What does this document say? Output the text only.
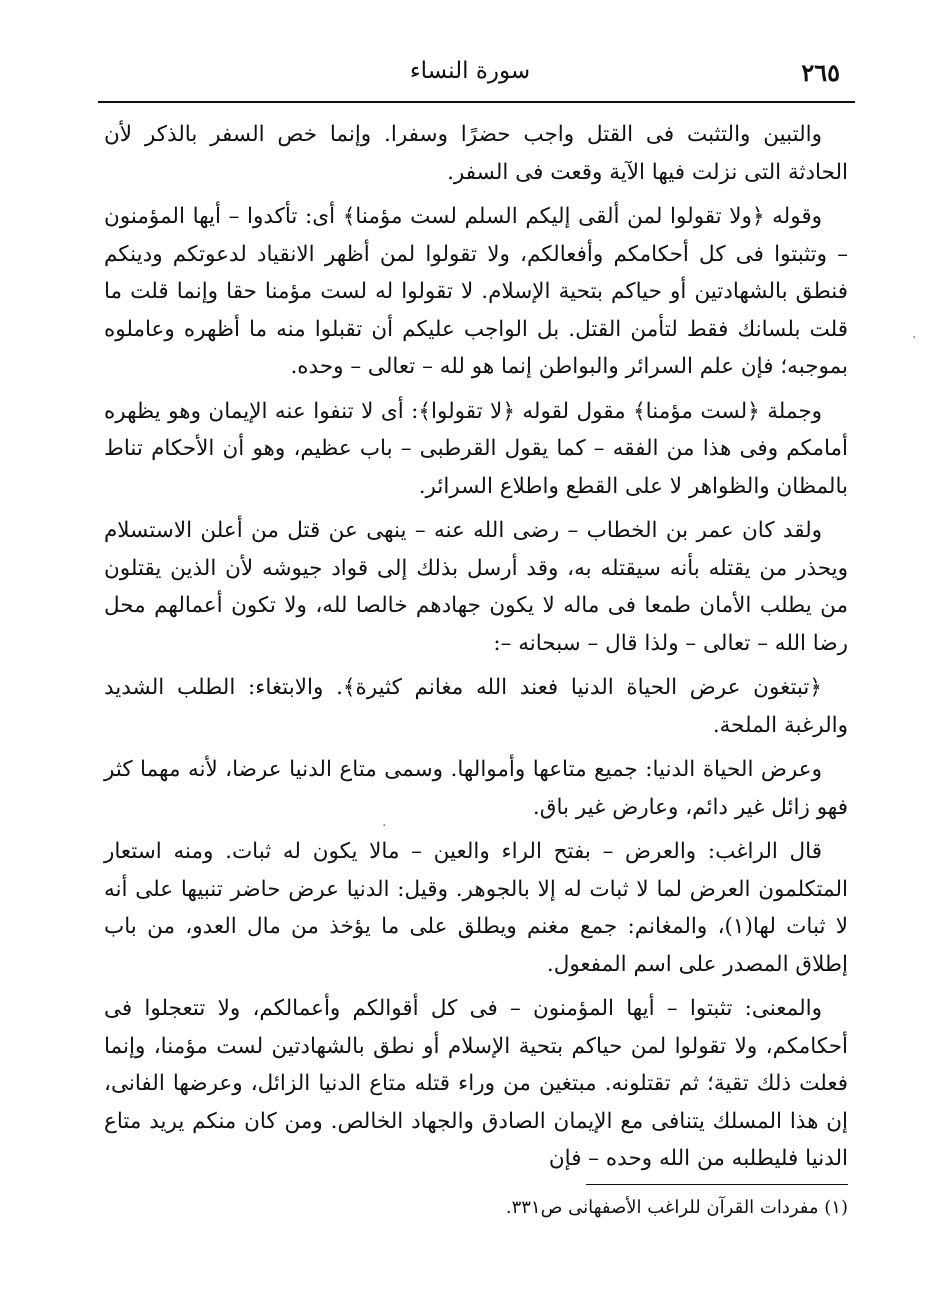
٢٦٥
سورة النساء

والتبين والتثبت فى القتل واجب حضرًا وسفرا. وإنما خص السفر بالذكر لأن الحادثة التى نزلت فيها الآية وقعت فى السفر.

وقوله ﴿ولا تقولوا لمن ألقى إليكم السلم لست مؤمنا﴾ أى: تأكدوا – أيها المؤمنون – وتثبتوا فى كل أحكامكم وأفعالكم، ولا تقولوا لمن أظهر الانقياد لدعوتكم ودينكم فنطق بالشهادتين أو حياكم بتحية الإسلام. لا تقولوا له لست مؤمنا حقا وإنما قلت ما قلت بلسانك فقط لتأمن القتل. بل الواجب عليكم أن تقبلوا منه ما أظهره وعاملوه بموجبه؛ فإن علم السرائر والبواطن إنما هو لله – تعالى – وحده.

وجملة ﴿لست مؤمنا﴾ مقول لقوله ﴿لا تقولوا﴾: أى لا تنفوا عنه الإيمان وهو يظهره أمامكم وفى هذا من الفقه – كما يقول القرطبى – باب عظيم، وهو أن الأحكام تناط بالمظان والظواهر لا على القطع واطلاع السرائر.

ولقد كان عمر بن الخطاب – رضى الله عنه – ينهى عن قتل من أعلن الاستسلام ويحذر من يقتله بأنه سيقتله به، وقد أرسل بذلك إلى قواد جيوشه لأن الذين يقتلون من يطلب الأمان طمعا فى ماله لا يكون جهادهم خالصا لله، ولا تكون أعمالهم محل رضا الله – تعالى – ولذا قال – سبحانه –:

﴿تبتغون عرض الحياة الدنيا فعند الله مغانم كثيرة﴾. والابتغاء: الطلب الشديد والرغبة الملحة.

وعرض الحياة الدنيا: جميع متاعها وأموالها. وسمى متاع الدنيا عرضا، لأنه مهما كثر فهو زائل غير دائم، وعارض غير باق.

قال الراغب: والعرض – بفتح الراء والعين – مالا يكون له ثبات. ومنه استعار المتكلمون العرض لما لا ثبات له إلا بالجوهر. وقيل: الدنيا عرض حاضر تنبيها على أنه لا ثبات لها(١)، والمغانم: جمع مغنم ويطلق على ما يؤخذ من مال العدو، من باب إطلاق المصدر على اسم المفعول.

والمعنى: تثبتوا – أيها المؤمنون – فى كل أقوالكم وأعمالكم، ولا تتعجلوا فى أحكامكم، ولا تقولوا لمن حياكم بتحية الإسلام أو نطق بالشهادتين لست مؤمنا، وإنما فعلت ذلك تقية؛ ثم تقتلونه. مبتغين من وراء قتله متاع الدنيا الزائل، وعرضها الفانى، إن هذا المسلك يتنافى مع الإيمان الصادق والجهاد الخالص. ومن كان منكم يريد متاع الدنيا فليطلبه من الله وحده – فإن

(١) مفردات القرآن للراغب الأصفهانى ص٣٣١.
·
·
